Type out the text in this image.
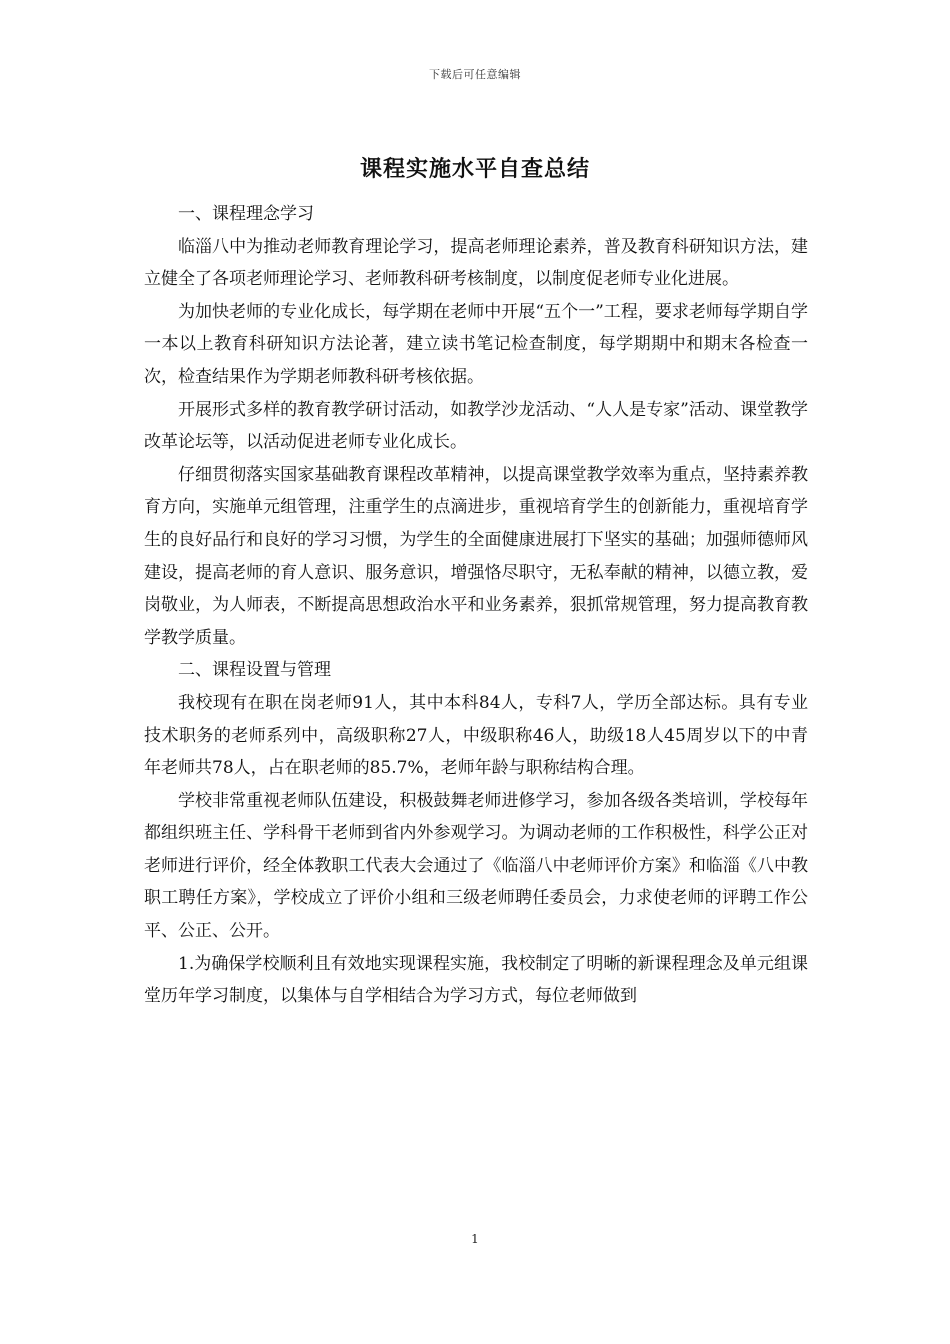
下载后可任意编辑
课程实施水平自查总结

一、课程理念学习

临淄八中为推动老师教育理论学习，提高老师理论素养，普及教育科研知识方法，建立健全了各项老师理论学习、老师教科研考核制度，以制度促老师专业化进展。

为加快老师的专业化成长，每学期在老师中开展“五个一”工程，要求老师每学期自学一本以上教育科研知识方法论著，建立读书笔记检查制度，每学期期中和期末各检查一次，检查结果作为学期老师教科研考核依据。

开展形式多样的教育教学研讨活动，如教学沙龙活动、“人人是专家”活动、课堂教学改革论坛等，以活动促进老师专业化成长。

仔细贯彻落实国家基础教育课程改革精神，以提高课堂教学效率为重点，坚持素养教育方向，实施单元组管理，注重学生的点滴进步，重视培育学生的创新能力，重视培育学生的良好品行和良好的学习习惯，为学生的全面健康进展打下坚实的基础；加强师德师风建设，提高老师的育人意识、服务意识，增强恪尽职守，无私奉献的精神，以德立教，爱岗敬业，为人师表，不断提高思想政治水平和业务素养，狠抓常规管理，努力提高教育教学教学质量。

二、课程设置与管理

我校现有在职在岗老师91人，其中本科84人，专科7人，学历全部达标。具有专业技术职务的老师系列中，高级职称27人，中级职称46人，助级18人45周岁以下的中青年老师共78人，占在职老师的85.7%，老师年龄与职称结构合理。

学校非常重视老师队伍建设，积极鼓舞老师进修学习，参加各级各类培训，学校每年都组织班主任、学科骨干老师到省内外参观学习。为调动老师的工作积极性，科学公正对老师进行评价，经全体教职工代表大会通过了《临淄八中老师评价方案》和临淄《八中教职工聘任方案》，学校成立了评价小组和三级老师聘任委员会，力求使老师的评聘工作公平、公正、公开。

1.为确保学校顺利且有效地实现课程实施，我校制定了明晰的新课程理念及单元组课堂历年学习制度，以集体与自学相结合为学习方式，每位老师做到

1
